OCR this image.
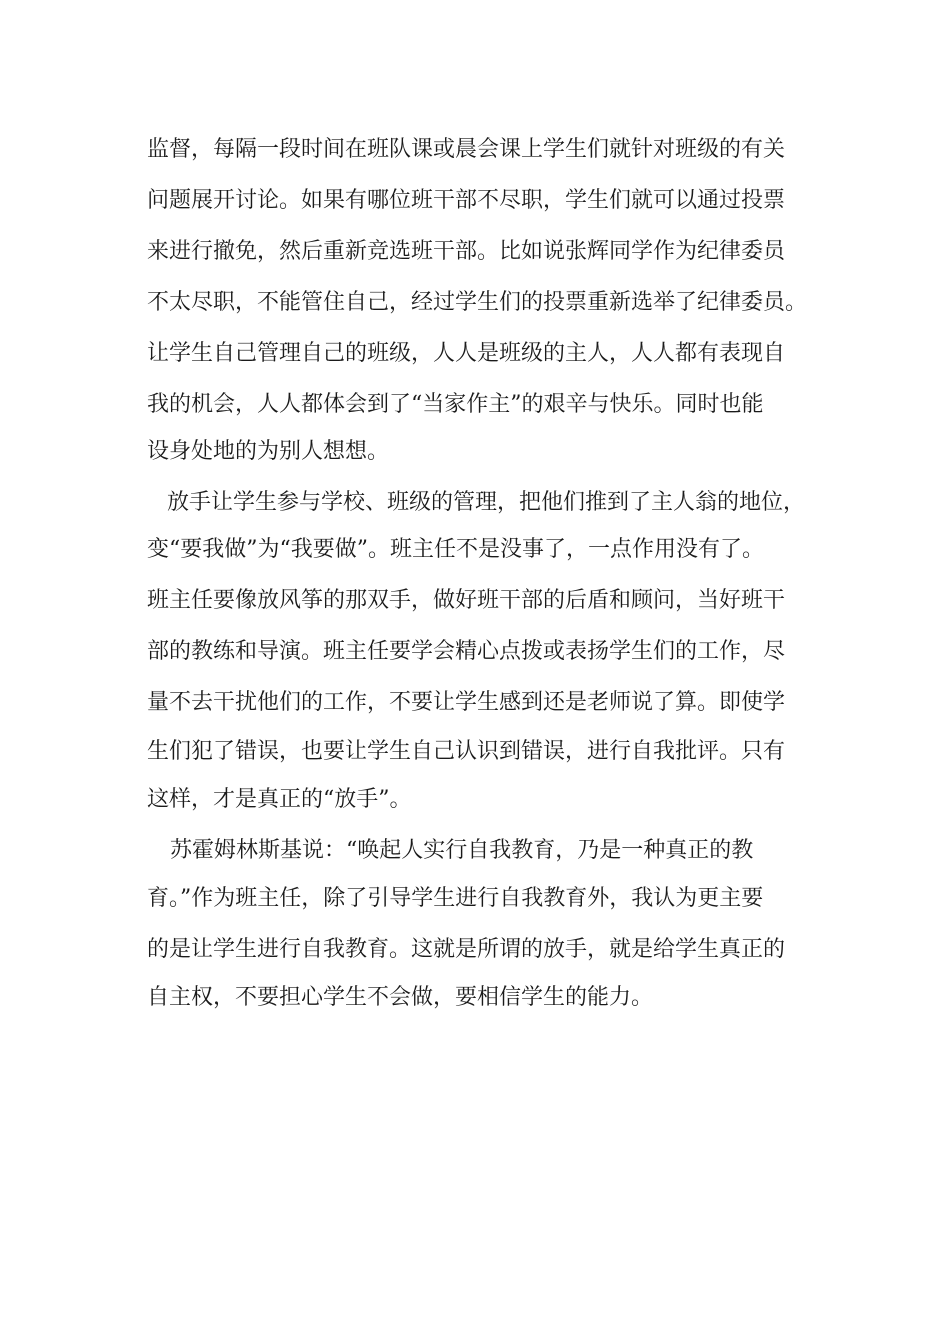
监督，每隔一段时间在班队课或晨会课上学生们就针对班级的有关
问题展开讨论。如果有哪位班干部不尽职，学生们就可以通过投票
来进行撤免，然后重新竞选班干部。比如说张辉同学作为纪律委员
不太尽职，不能管住自己，经过学生们的投票重新选举了纪律委员。
让学生自己管理自己的班级，人人是班级的主人，人人都有表现自
我的机会，人人都体会到了“当家作主”的艰辛与快乐。同时也能
设身处地的为别人想想。
放手让学生参与学校、班级的管理，把他们推到了主人翁的地位，
变“要我做”为“我要做”。班主任不是没事了，一点作用没有了。
班主任要像放风筝的那双手，做好班干部的后盾和顾问，当好班干
部的教练和导演。班主任要学会精心点拨或表扬学生们的工作，尽
量不去干扰他们的工作，不要让学生感到还是老师说了算。即使学
生们犯了错误，也要让学生自己认识到错误，进行自我批评。只有
这样，才是真正的“放手”。
苏霍姆林斯基说：“唤起人实行自我教育，乃是一种真正的教
育。”作为班主任，除了引导学生进行自我教育外，我认为更主要
的是让学生进行自我教育。这就是所谓的放手，就是给学生真正的
自主权，不要担心学生不会做，要相信学生的能力。
